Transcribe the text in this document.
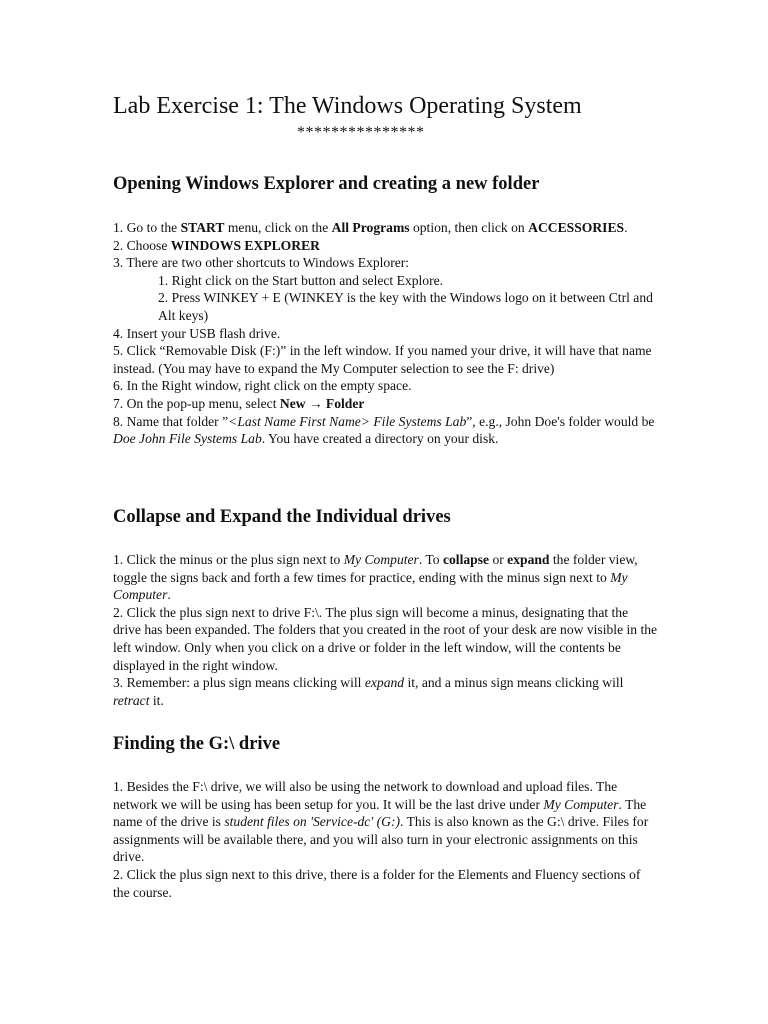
Lab Exercise 1: The Windows Operating System
***************
Opening Windows Explorer and creating a new folder

1. Go to the START menu, click on the All Programs option, then click on ACCESSORIES.

2. Choose WINDOWS EXPLORER

3. There are two other shortcuts to Windows Explorer:

1. Right click on the Start button and select Explore.

2. Press WINKEY + E (WINKEY is the key with the Windows logo on it between Ctrl and Alt keys)

4. Insert your USB flash drive.

5. Click “Removable Disk (F:)” in the left window. If you named your drive, it will have that name instead. (You may have to expand the My Computer selection to see the F: drive)

6. In the Right window, right click on the empty space.

7. On the pop-up menu, select New → Folder

8. Name that folder ”<Last Name First Name> File Systems Lab”, e.g., John Doe's folder would be Doe John File Systems Lab. You have created a directory on your disk.

Collapse and Expand the Individual drives

1. Click the minus or the plus sign next to My Computer. To collapse or expand the folder view, toggle the signs back and forth a few times for practice, ending with the minus sign next to My Computer.

2. Click the plus sign next to drive F:\. The plus sign will become a minus, designating that the drive has been expanded. The folders that you created in the root of your desk are now visible in the left window. Only when you click on a drive or folder in the left window, will the contents be displayed in the right window.

3. Remember: a plus sign means clicking will expand it, and a minus sign means clicking will retract it.

Finding the G:\ drive

1. Besides the F:\ drive, we will also be using the network to download and upload files. The network we will be using has been setup for you. It will be the last drive under My Computer. The name of the drive is student files on 'Service-dc' (G:). This is also known as the G:\ drive. Files for assignments will be available there, and you will also turn in your electronic assignments on this drive.

2. Click the plus sign next to this drive, there is a folder for the Elements and Fluency sections of the course.
